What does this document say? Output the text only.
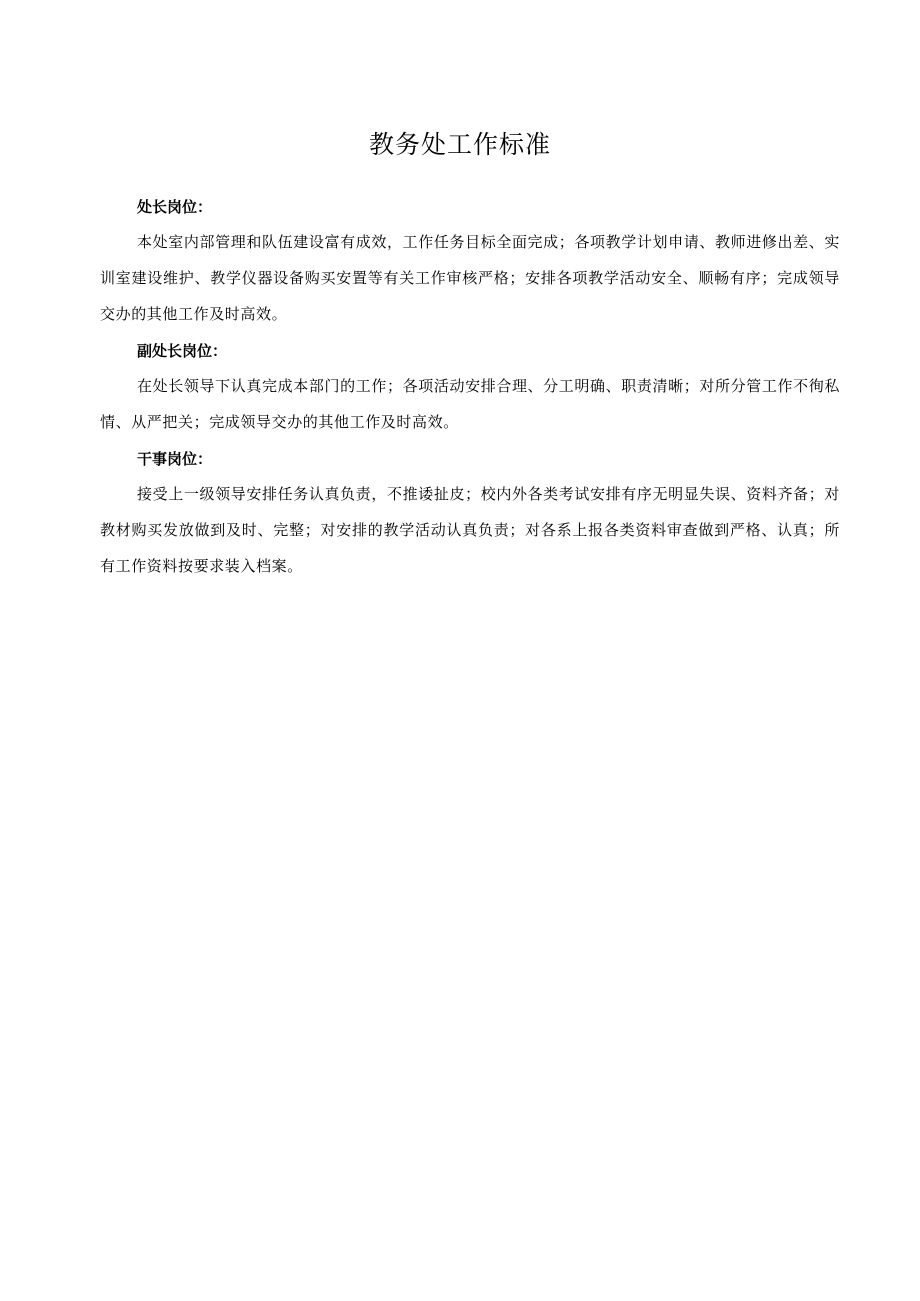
教务处工作标准

处长岗位：

本处室内部管理和队伍建设富有成效，工作任务目标全面完成；各项教学计划申请、教师进修出差、实训室建设维护、教学仪器设备购买安置等有关工作审核严格；安排各项教学活动安全、顺畅有序；完成领导交办的其他工作及时高效。

副处长岗位：

在处长领导下认真完成本部门的工作；各项活动安排合理、分工明确、职责清晰；对所分管工作不徇私情、从严把关；完成领导交办的其他工作及时高效。

干事岗位：

接受上一级领导安排任务认真负责，不推诿扯皮；校内外各类考试安排有序无明显失误、资料齐备；对教材购买发放做到及时、完整；对安排的教学活动认真负责；对各系上报各类资料审查做到严格、认真；所有工作资料按要求装入档案。
